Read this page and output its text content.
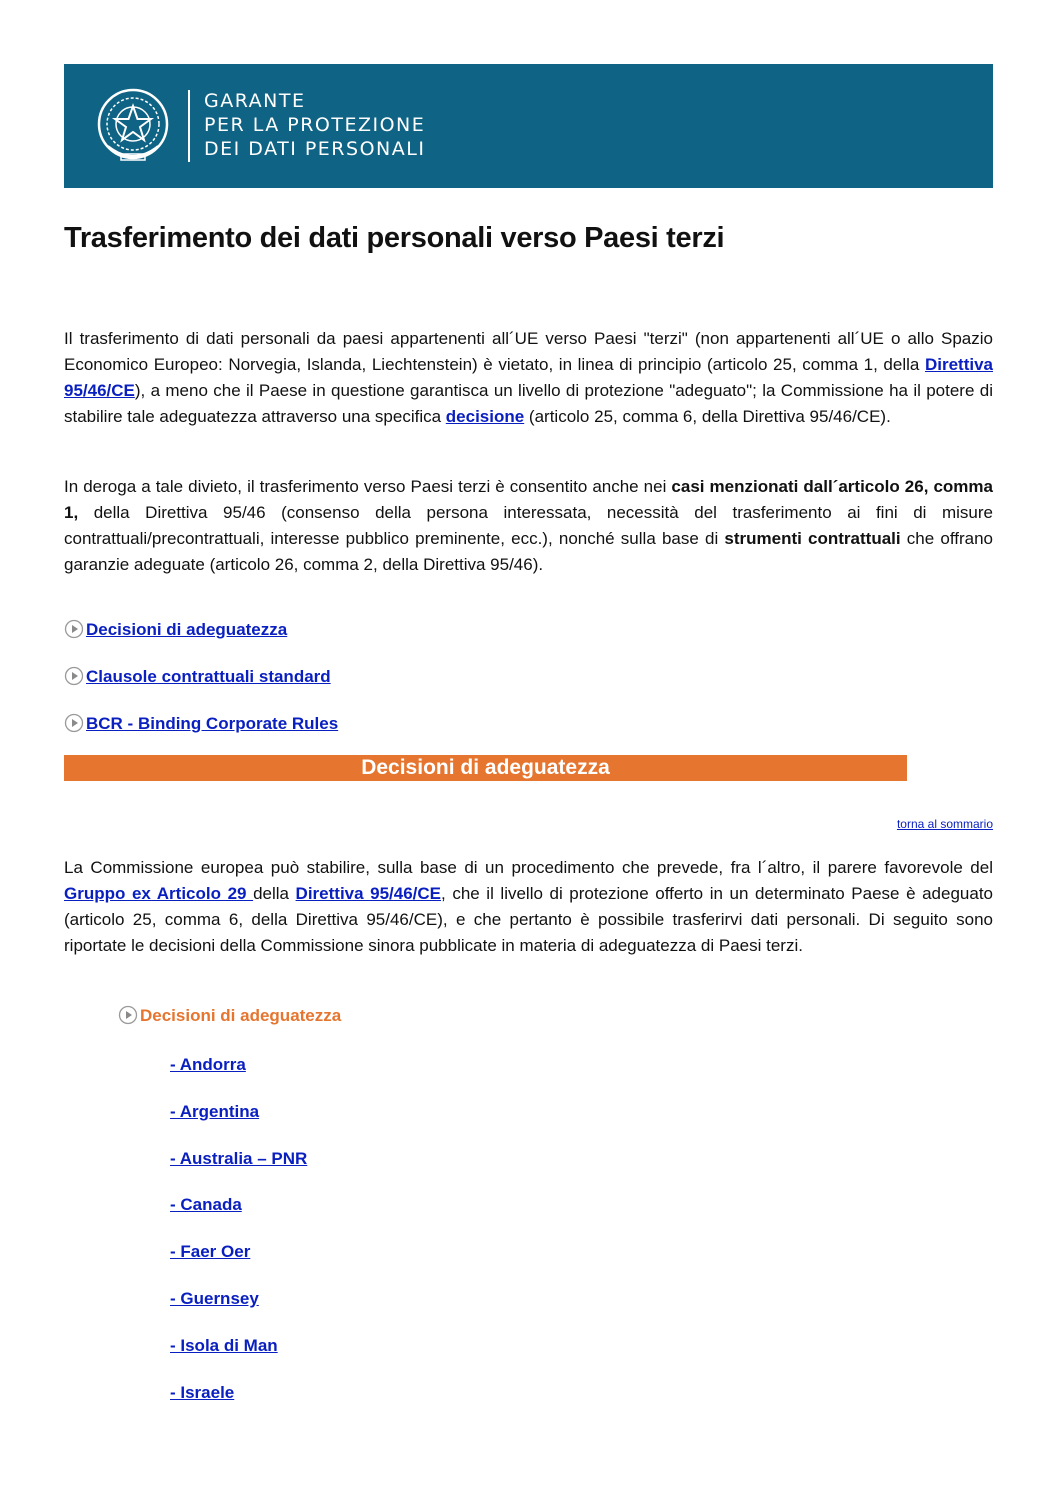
GARANTE
PER LA PROTEZIONE
DEI DATI PERSONALI
Trasferimento dei dati personali verso Paesi terzi

Il trasferimento di dati personali da paesi appartenenti all´UE verso Paesi "terzi" (non appartenenti all´UE o allo Spazio Economico Europeo: Norvegia, Islanda, Liechtenstein) è vietato, in linea di principio (articolo 25, comma 1, della Direttiva 95/46/CE), a meno che il Paese in questione garantisca un livello di protezione "adeguato"; la Commissione ha il potere di stabilire tale adeguatezza attraverso una specifica decisione (articolo 25, comma 6, della Direttiva 95/46/CE).

In deroga a tale divieto, il trasferimento verso Paesi terzi è consentito anche nei casi menzionati dall´articolo 26, comma 1, della Direttiva 95/46 (consenso della persona interessata, necessità del trasferimento ai fini di misure contrattuali/precontrattuali, interesse pubblico preminente, ecc.), nonché sulla base di strumenti contrattuali che offrano garanzie adeguate (articolo 26, comma 2, della Direttiva 95/46).

Decisioni di adeguatezza
Clausole contrattuali standard
BCR - Binding Corporate Rules
Decisioni di adeguatezza
torna al sommario

La Commissione europea può stabilire, sulla base di un procedimento che prevede, fra l´altro, il parere favorevole del Gruppo ex Articolo 29 della Direttiva 95/46/CE, che il livello di protezione offerto in un determinato Paese è adeguato (articolo 25, comma 6, della Direttiva 95/46/CE), e che pertanto è possibile trasferirvi dati personali. Di seguito sono riportate le decisioni della Commissione sinora pubblicate in materia di adeguatezza di Paesi terzi.

Decisioni di adeguatezza
- Andorra
- Argentina
- Australia – PNR
- Canada
- Faer Oer
- Guernsey
- Isola di Man
- Israele
